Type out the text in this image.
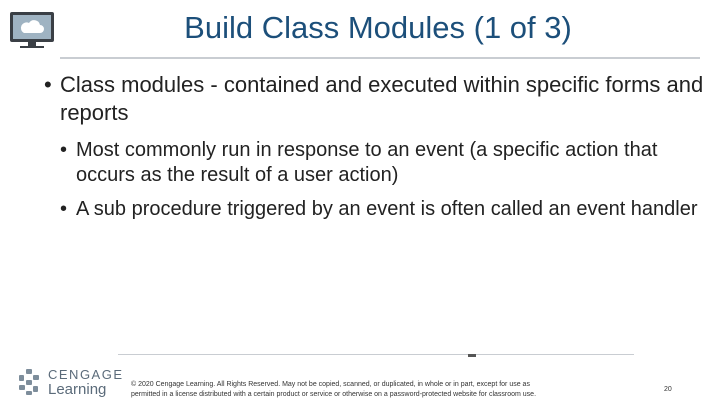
Build Class Modules (1 of 3)
• Class modules - contained and executed within specific forms and reports
• Most commonly run in response to an event (a specific action that occurs as the result of a user action)
• A sub procedure triggered by an event is often called an event handler
CENGAGE
Learning	© 2020 Cengage Learning. All Rights Reserved. May not be copied, scanned, or duplicated, in whole or in part, except for use as
permitted in a license distributed with a certain product or service or otherwise on a password-protected website for classroom use.
20
